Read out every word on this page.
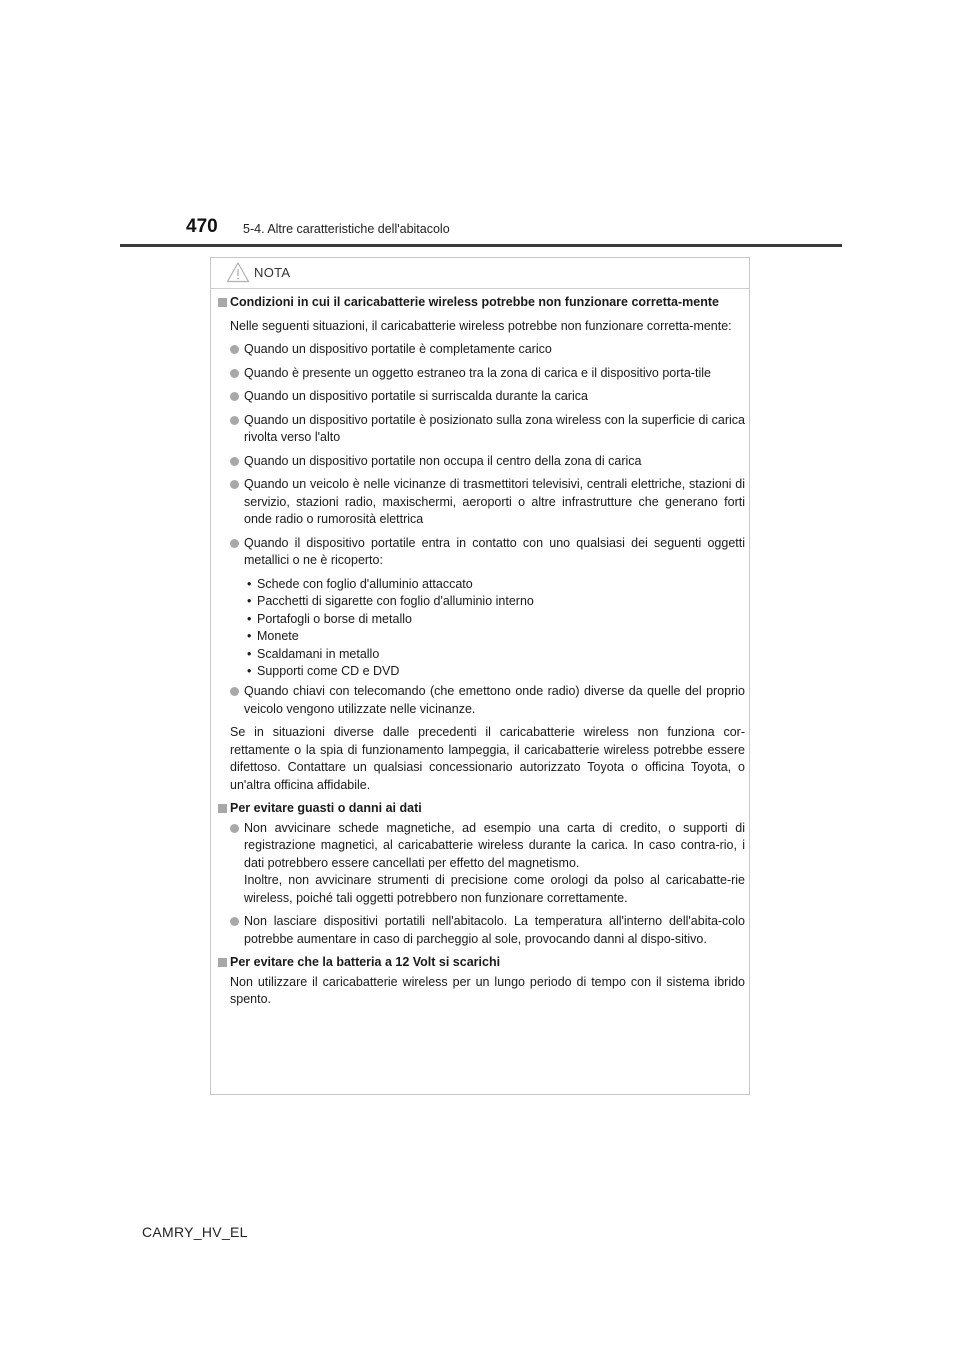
470 5-4. Altre caratteristiche dell'abitacolo
NOTA
Condizioni in cui il caricabatterie wireless potrebbe non funzionare corretta-mente
Nelle seguenti situazioni, il caricabatterie wireless potrebbe non funzionare corretta-mente:
Quando un dispositivo portatile è completamente carico
Quando è presente un oggetto estraneo tra la zona di carica e il dispositivo porta-tile
Quando un dispositivo portatile si surriscalda durante la carica
Quando un dispositivo portatile è posizionato sulla zona wireless con la superficie di carica rivolta verso l'alto
Quando un dispositivo portatile non occupa il centro della zona di carica
Quando un veicolo è nelle vicinanze di trasmettitori televisivi, centrali elettriche, stazioni di servizio, stazioni radio, maxischermi, aeroporti o altre infrastrutture che generano forti onde radio o rumorosità elettrica
Quando il dispositivo portatile entra in contatto con uno qualsiasi dei seguenti oggetti metallici o ne è ricoperto:
• Schede con foglio d'alluminio attaccato
• Pacchetti di sigarette con foglio d'alluminio interno
• Portafogli o borse di metallo
• Monete
• Scaldamani in metallo
• Supporti come CD e DVD
Quando chiavi con telecomando (che emettono onde radio) diverse da quelle del proprio veicolo vengono utilizzate nelle vicinanze.
Se in situazioni diverse dalle precedenti il caricabatterie wireless non funziona cor-rettamente o la spia di funzionamento lampeggia, il caricabatterie wireless potrebbe essere difettoso. Contattare un qualsiasi concessionario autorizzato Toyota o officina Toyota, o un'altra officina affidabile.
Per evitare guasti o danni ai dati
Non avvicinare schede magnetiche, ad esempio una carta di credito, o supporti di registrazione magnetici, al caricabatterie wireless durante la carica. In caso contra-rio, i dati potrebbero essere cancellati per effetto del magnetismo.
Inoltre, non avvicinare strumenti di precisione come orologi da polso al caricabatte-rie wireless, poiché tali oggetti potrebbero non funzionare correttamente.
Non lasciare dispositivi portatili nell'abitacolo. La temperatura all'interno dell'abita-colo potrebbe aumentare in caso di parcheggio al sole, provocando danni al dispo-sitivo.
Per evitare che la batteria a 12 Volt si scarichi
Non utilizzare il caricabatterie wireless per un lungo periodo di tempo con il sistema ibrido spento.
CAMRY_HV_EL
